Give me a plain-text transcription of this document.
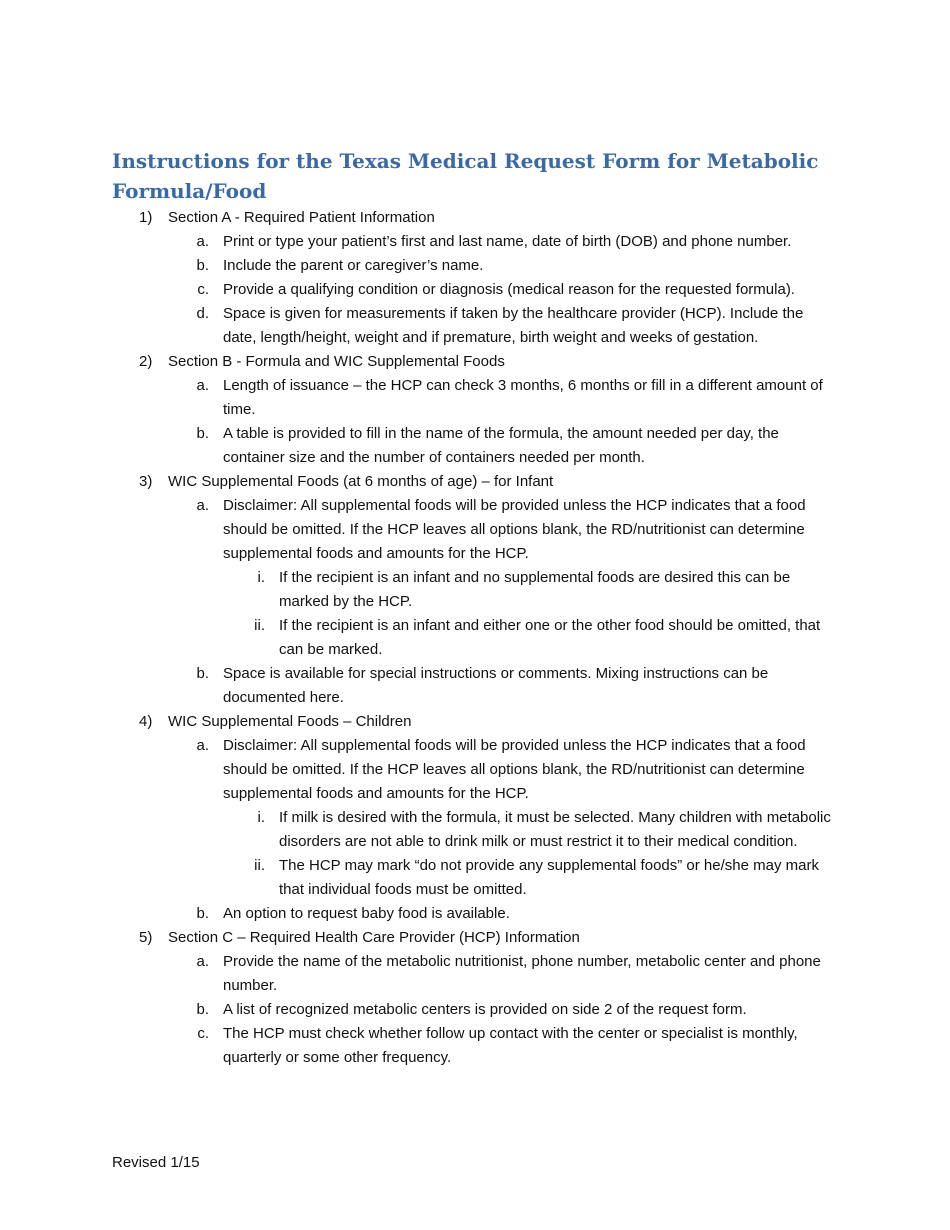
Instructions for the Texas Medical Request Form for Metabolic Formula/Food
1) Section A - Required Patient Information
a. Print or type your patient’s first and last name, date of birth (DOB) and phone number.
b. Include the parent or caregiver’s name.
c. Provide a qualifying condition or diagnosis (medical reason for the requested formula).
d. Space is given for measurements if taken by the healthcare provider (HCP). Include the date, length/height, weight and if premature, birth weight and weeks of gestation.
2) Section B - Formula and WIC Supplemental Foods
a. Length of issuance – the HCP can check 3 months, 6 months or fill in a different amount of time.
b. A table is provided to fill in the name of the formula, the amount needed per day, the container size and the number of containers needed per month.
3) WIC Supplemental Foods (at 6 months of age) – for Infant
a. Disclaimer: All supplemental foods will be provided unless the HCP indicates that a food should be omitted. If the HCP leaves all options blank, the RD/nutritionist can determine supplemental foods and amounts for the HCP.
i. If the recipient is an infant and no supplemental foods are desired this can be marked by the HCP.
ii. If the recipient is an infant and either one or the other food should be omitted, that can be marked.
b. Space is available for special instructions or comments. Mixing instructions can be documented here.
4) WIC Supplemental Foods – Children
a. Disclaimer: All supplemental foods will be provided unless the HCP indicates that a food should be omitted. If the HCP leaves all options blank, the RD/nutritionist can determine supplemental foods and amounts for the HCP.
i. If milk is desired with the formula, it must be selected. Many children with metabolic disorders are not able to drink milk or must restrict it to their medical condition.
ii. The HCP may mark “do not provide any supplemental foods” or he/she may mark that individual foods must be omitted.
b. An option to request baby food is available.
5) Section C – Required Health Care Provider (HCP) Information
a. Provide the name of the metabolic nutritionist, phone number, metabolic center and phone number.
b. A list of recognized metabolic centers is provided on side 2 of the request form.
c. The HCP must check whether follow up contact with the center or specialist is monthly, quarterly or some other frequency.
Revised 1/15
